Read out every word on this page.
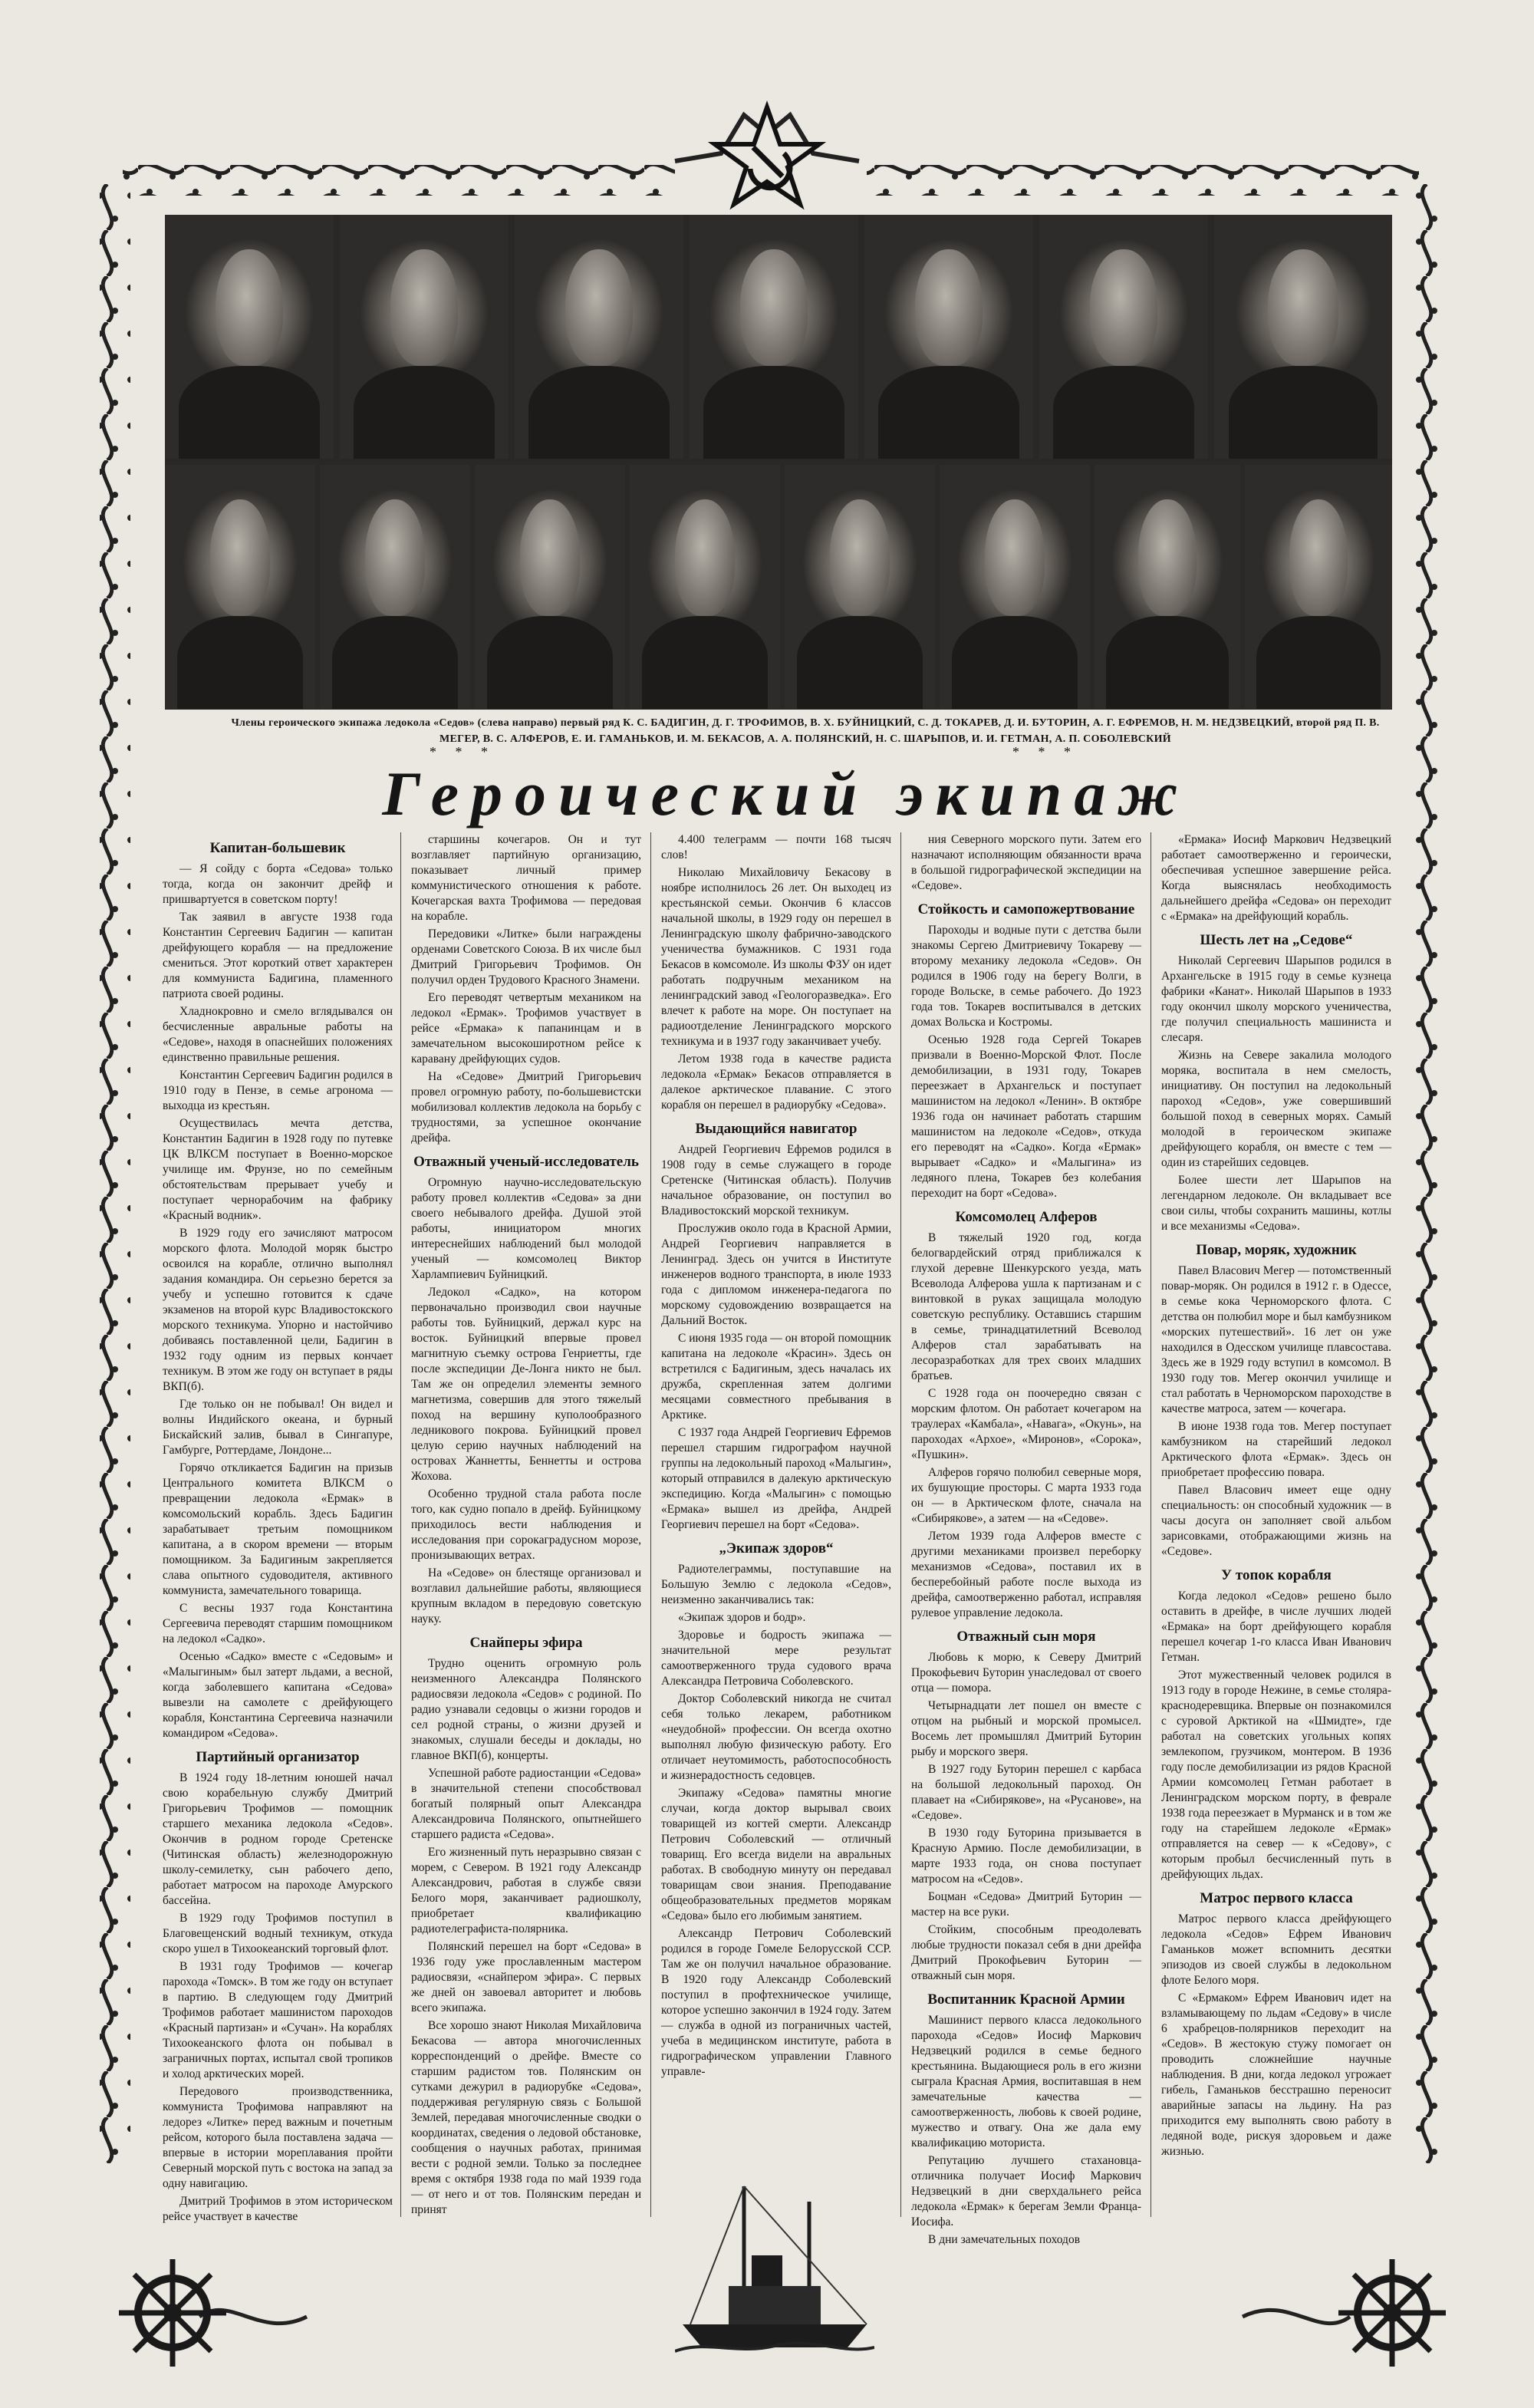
Члены героического экипажа ледокола «Седов» (слева направо) первый ряд К. С. БАДИГИН, Д. Г. ТРОФИМОВ, В. Х. БУЙНИЦКИЙ, С. Д. ТОКАРЕВ, Д. И. БУТОРИН, А. Г. ЕФРЕМОВ, Н. М. НЕДЗВЕЦКИЙ, второй ряд П. В. МЕГЕР, В. С. АЛФЕРОВ, Е. И. ГАМАНЬКОВ, И. М. БЕКАСОВ, А. А. ПОЛЯНСКИЙ, Н. С. ШАРЫПОВ, И. И. ГЕТМАН, А. П. СОБОЛЕВСКИЙ
* * *	* * *
Героический экипаж
Капитан-большевик

— Я сойду с борта «Седова» только тогда, когда он закончит дрейф и пришвартуется в советском порту!

Так заявил в августе 1938 года Константин Сергеевич Бадигин — капитан дрейфующего корабля — на предложение смениться. Этот короткий ответ характерен для коммуниста Бадигина, пламенного патриота своей родины.

Хладнокровно и смело вглядывался он бесчисленные авральные работы на «Седове», находя в опаснейших положениях единственно правильные решения.

Константин Сергеевич Бадигин родился в 1910 году в Пензе, в семье агронома — выходца из крестьян.

Осуществилась мечта детства, Константин Бадигин в 1928 году по путевке ЦК ВЛКСМ поступает в Военно-морское училище им. Фрунзе, но по семейным обстоятельствам прерывает учебу и поступает чернорабочим на фабрику «Красный водник».

В 1929 году его зачисляют матросом морского флота. Молодой моряк быстро освоился на корабле, отлично выполнял задания командира. Он серьезно берется за учебу и успешно готовится к сдаче экзаменов на второй курс Владивостокского морского техникума. Упорно и настойчиво добиваясь поставленной цели, Бадигин в 1932 году одним из первых кончает техникум. В этом же году он вступает в ряды ВКП(б).

Где только он не побывал! Он видел и волны Индийского океана, и бурный Бискайский залив, бывал в Сингапуре, Гамбурге, Роттердаме, Лондоне...

Горячо откликается Бадигин на призыв Центрального комитета ВЛКСМ о превращении ледокола «Ермак» в комсомольский корабль. Здесь Бадигин зарабатывает третьим помощником капитана, а в скором времени — вторым помощником. За Бадигиным закрепляется слава опытного судоводителя, активного коммуниста, замечательного товарища.

С весны 1937 года Константина Сергеевича переводят старшим помощником на ледокол «Садко».

Осенью «Садко» вместе с «Седовым» и «Малыгиным» был затерт льдами, а весной, когда заболевшего капитана «Седова» вывезли на самолете с дрейфующего корабля, Константина Сергеевича назначили командиром «Седова».

Партийный организатор

В 1924 году 18-летним юношей начал свою корабельную службу Дмитрий Григорьевич Трофимов — помощник старшего механика ледокола «Седов». Окончив в родном городе Сретенске (Читинская область) железнодорожную школу-семилетку, сын рабочего депо, работает матросом на пароходе Амурского бассейна.

В 1929 году Трофимов поступил в Благовещенский водный техникум, откуда скоро ушел в Тихоокеанский торговый флот.

В 1931 году Трофимов — кочегар парохода «Томск». В том же году он вступает в партию. В следующем году Дмитрий Трофимов работает машинистом пароходов «Красный партизан» и «Сучан». На кораблях Тихоокеанского флота он побывал в заграничных портах, испытал свой тропиков и холод арктических морей.

Передового производственника, коммуниста Трофимова направляют на ледорез «Литке» перед важным и почетным рейсом, которого была поставлена задача — впервые в истории мореплавания пройти Северный морской путь с востока на запад за одну навигацию.

Дмитрий Трофимов в этом историческом рейсе участвует в качестве

старшины кочегаров. Он и тут возглавляет партийную организацию, показывает личный пример коммунистического отношения к работе. Кочегарская вахта Трофимова — передовая на корабле.

Передовики «Литке» были награждены орденами Советского Союза. В их числе был Дмитрий Григорьевич Трофимов. Он получил орден Трудового Красного Знамени.

Его переводят четвертым механиком на ледокол «Ермак». Трофимов участвует в рейсе «Ермака» к папанинцам и в замечательном высокоширотном рейсе к каравану дрейфующих судов.

На «Седове» Дмитрий Григорьевич провел огромную работу, по-большевистски мобилизовал коллектив ледокола на борьбу с трудностями, за успешное окончание дрейфа.

Отважный ученый-исследователь

Огромную научно-исследовательскую работу провел коллектив «Седова» за дни своего небывалого дрейфа. Душой этой работы, инициатором многих интереснейших наблюдений был молодой ученый — комсомолец Виктор Харлампиевич Буйницкий.

Ледокол «Садко», на котором первоначально производил свои научные работы тов. Буйницкий, держал курс на восток. Буйницкий впервые провел магнитную съемку острова Генриетты, где после экспедиции Де-Лонга никто не был. Там же он определил элементы земного магнетизма, совершив для этого тяжелый поход на вершину куполообразного ледникового покрова. Буйницкий провел целую серию научных наблюдений на островах Жаннетты, Беннетты и острова Жохова.

Особенно трудной стала работа после того, как судно попало в дрейф. Буйницкому приходилось вести наблюдения и исследования при сорокаградусном морозе, пронизывающих ветрах.

На «Седове» он блестяще организовал и возглавил дальнейшие работы, являющиеся крупным вкладом в передовую советскую науку.

Снайперы эфира

Трудно оценить огромную роль неизменного Александра Полянского радиосвязи ледокола «Седов» с родиной. По радио узнавали седовцы о жизни городов и сел родной страны, о жизни друзей и знакомых, слушали беседы и доклады, но главное ВКП(б), концерты.

Успешной работе радиостанции «Седова» в значительной степени способствовал богатый полярный опыт Александра Александровича Полянского, опытнейшего старшего радиста «Седова».

Его жизненный путь неразрывно связан с морем, с Севером. В 1921 году Александр Александрович, работая в службе связи Белого моря, заканчивает радиошколу, приобретает квалификацию радиотелеграфиста-полярника.

Полянский перешел на борт «Седова» в 1936 году уже прославленным мастером радиосвязи, «снайпером эфира». С первых же дней он завоевал авторитет и любовь всего экипажа.

Все хорошо знают Николая Михайловича Бекасова — автора многочисленных корреспонденций о дрейфе. Вместе со старшим радистом тов. Полянским он сутками дежурил в радиорубке «Седова», поддерживая регулярную связь с Большой Землей, передавая многочисленные сводки о координатах, сведения о ледовой обстановке, сообщения о научных работах, принимая вести с родной земли. Только за последнее время с октября 1938 года по май 1939 года — от него и от тов. Полянским передан и принят

4.400 телеграмм — почти 168 тысяч слов!

Николаю Михайловичу Бекасову в ноябре исполнилось 26 лет. Он выходец из крестьянской семьи. Окончив 6 классов начальной школы, в 1929 году он перешел в Ленинградскую школу фабрично-заводского ученичества бумажников. С 1931 года Бекасов в комсомоле. Из школы ФЗУ он идет работать подручным механиком на ленинградский завод «Геологоразведка». Его влечет к работе на море. Он поступает на радиоотделение Ленинградского морского техникума и в 1937 году заканчивает учебу.

Летом 1938 года в качестве радиста ледокола «Ермак» Бекасов отправляется в далекое арктическое плавание. С этого корабля он перешел в радиорубку «Седова».

Выдающийся навигатор

Андрей Георгиевич Ефремов родился в 1908 году в семье служащего в городе Сретенске (Читинская область). Получив начальное образование, он поступил во Владивостокский морской техникум.

Прослужив около года в Красной Армии, Андрей Георгиевич направляется в Ленинград. Здесь он учится в Институте инженеров водного транспорта, в июле 1933 года с дипломом инженера-педагога по морскому судовождению возвращается на Дальний Восток.

С июня 1935 года — он второй помощник капитана на ледоколе «Красин». Здесь он встретился с Бадигиным, здесь началась их дружба, скрепленная затем долгими месяцами совместного пребывания в Арктике.

С 1937 года Андрей Георгиевич Ефремов перешел старшим гидрографом научной группы на ледокольный пароход «Малыгин», который отправился в далекую арктическую экспедицию. Когда «Малыгин» с помощью «Ермака» вышел из дрейфа, Андрей Георгиевич перешел на борт «Седова».

„Экипаж здоров“

Радиотелеграммы, поступавшие на Большую Землю с ледокола «Седов», неизменно заканчивались так:

«Экипаж здоров и бодр».

Здоровье и бодрость экипажа — значительной мере результат самоотверженного труда судового врача Александра Петровича Соболевского.

Доктор Соболевский никогда не считал себя только лекарем, работником «неудобной» профессии. Он всегда охотно выполнял любую физическую работу. Его отличает неутомимость, работоспособность и жизнерадостность седовцев.

Экипажу «Седова» памятны многие случаи, когда доктор вырывал своих товарищей из когтей смерти. Александр Петрович Соболевский — отличный товарищ. Его всегда видели на авральных работах. В свободную минуту он передавал товарищам свои знания. Преподавание общеобразовательных предметов морякам «Седова» было его любимым занятием.

Александр Петрович Соболевский родился в городе Гомеле Белорусской ССР. Там же он получил начальное образование. В 1920 году Александр Соболевский поступил в профтехническое училище, которое успешно закончил в 1924 году. Затем — служба в одной из пограничных частей, учеба в медицинском институте, работа в гидрографическом управлении Главного управле-

ния Северного морского пути. Затем его назначают исполняющим обязанности врача в большой гидрографической экспедиции на «Седове».

Стойкость и самопожертвование

Пароходы и водные пути с детства были знакомы Сергею Дмитриевичу Токареву — второму механику ледокола «Седов». Он родился в 1906 году на берегу Волги, в городе Вольске, в семье рабочего. До 1923 года тов. Токарев воспитывался в детских домах Вольска и Костромы.

Осенью 1928 года Сергей Токарев призвали в Военно-Морской Флот. После демобилизации, в 1931 году, Токарев переезжает в Архангельск и поступает машинистом на ледокол «Ленин». В октябре 1936 года он начинает работать старшим машинистом на ледоколе «Седов», откуда его переводят на «Садко». Когда «Ермак» вырывает «Садко» и «Малыгина» из ледяного плена, Токарев без колебания переходит на борт «Седова».

Комсомолец Алферов

В тяжелый 1920 год, когда белогвардейский отряд приближался к глухой деревне Шенкурского уезда, мать Всеволода Алферова ушла к партизанам и с винтовкой в руках защищала молодую советскую республику. Оставшись старшим в семье, тринадцатилетний Всеволод Алферов стал зарабатывать на лесоразработках для трех своих младших братьев.

С 1928 года он поочередно связан с морским флотом. Он работает кочегаром на траулерах «Камбала», «Навага», «Окунь», на пароходах «Архое», «Миронов», «Сорока», «Пушкин».

Алферов горячо полюбил северные моря, их бушующие просторы. С марта 1933 года он — в Арктическом флоте, сначала на «Сибирякове», а затем — на «Седове».

Летом 1939 года Алферов вместе с другими механиками произвел переборку механизмов «Седова», поставил их в бесперебойный работе после выхода из дрейфа, самоотверженно работал, исправляя рулевое управление ледокола.

Отважный сын моря

Любовь к морю, к Северу Дмитрий Прокофьевич Буторин унаследовал от своего отца — помора.

Четырнадцати лет пошел он вместе с отцом на рыбный и морской промысел. Восемь лет промышлял Дмитрий Буторин рыбу и морского зверя.

В 1927 году Буторин перешел с карбаса на большой ледокольный пароход. Он плавает на «Сибирякове», на «Русанове», на «Седове».

В 1930 году Буторина призывается в Красную Армию. После демобилизации, в марте 1933 года, он снова поступает матросом на «Седов».

Боцман «Седова» Дмитрий Буторин — мастер на все руки.

Стойким, способным преодолевать любые трудности показал себя в дни дрейфа Дмитрий Прокофьевич Буторин — отважный сын моря.

Воспитанник Красной Армии

Машинист первого класса ледокольного парохода «Седов» Иосиф Маркович Недзвецкий родился в семье бедного крестьянина. Выдающиеся роль в его жизни сыграла Красная Армия, воспитавшая в нем замечательные качества — самоотверженность, любовь к своей родине, мужество и отвагу. Она же дала ему квалификацию моториста.

Репутацию лучшего стахановца-отличника получает Иосиф Маркович Недзвецкий в дни сверхдальнего рейса ледокола «Ермак» к берегам Земли Франца-Иосифа.

В дни замечательных походов

«Ермака» Иосиф Маркович Недзвецкий работает самоотверженно и героически, обеспечивая успешное завершение рейса. Когда выяснялась необходимость дальнейшего дрейфа «Седова» он переходит с «Ермака» на дрейфующий корабль.

Шесть лет на „Седове“

Николай Сергеевич Шарыпов родился в Архангельске в 1915 году в семье кузнеца фабрики «Канат». Николай Шарыпов в 1933 году окончил школу морского ученичества, где получил специальность машиниста и слесаря.

Жизнь на Севере закалила молодого моряка, воспитала в нем смелость, инициативу. Он поступил на ледокольный пароход «Седов», уже совершивший большой поход в северных морях. Самый молодой в героическом экипаже дрейфующего корабля, он вместе с тем — один из старейших седовцев.

Более шести лет Шарыпов на легендарном ледоколе. Он вкладывает все свои силы, чтобы сохранить машины, котлы и все механизмы «Седова».

Повар, моряк, художник

Павел Власович Мегер — потомственный повар-моряк. Он родился в 1912 г. в Одессе, в семье кока Черноморского флота. С детства он полюбил море и был камбузником «морских путешествий». 16 лет он уже находился в Одесском училище плавсостава. Здесь же в 1929 году вступил в комсомол. В 1930 году тов. Мегер окончил училище и стал работать в Черноморском пароходстве в качестве матроса, затем — кочегара.

В июне 1938 года тов. Мегер поступает камбузником на старейший ледокол Арктического флота «Ермак». Здесь он приобретает профессию повара.

Павел Власович имеет еще одну специальность: он способный художник — в часы досуга он заполняет свой альбом зарисовками, отображающими жизнь на «Седове».

У топок корабля

Когда ледокол «Седов» решено было оставить в дрейфе, в числе лучших людей «Ермака» на борт дрейфующего корабля перешел кочегар 1-го класса Иван Иванович Гетман.

Этот мужественный человек родился в 1913 году в городе Нежине, в семье столяра-краснодеревщика. Впервые он познакомился с суровой Арктикой на «Шмидте», где работал на советских угольных копях землекопом, грузчиком, монтером. В 1936 году после демобилизации из рядов Красной Армии комсомолец Гетман работает в Ленинградском морском порту, в феврале 1938 года переезжает в Мурманск и в том же году на старейшем ледоколе «Ермак» отправляется на север — к «Седову», с которым пробыл бесчисленный путь в дрейфующих льдах.

Матрос первого класса

Матрос первого класса дрейфующего ледокола «Седов» Ефрем Иванович Гаманьков может вспомнить десятки эпизодов из своей службы в ледокольном флоте Белого моря.

С «Ермаком» Ефрем Иванович идет на взламывающему по льдам «Седову» в числе 6 храбрецов-полярников переходит на «Седов». В жестокую стужу помогает он проводить сложнейшие научные наблюдения. В дни, когда ледокол угрожает гибель, Гаманьков бесстрашно переносит аварийные запасы на льдину. На раз приходится ему выполнять свою работу в ледяной воде, рискуя здоровьем и даже жизнью.
